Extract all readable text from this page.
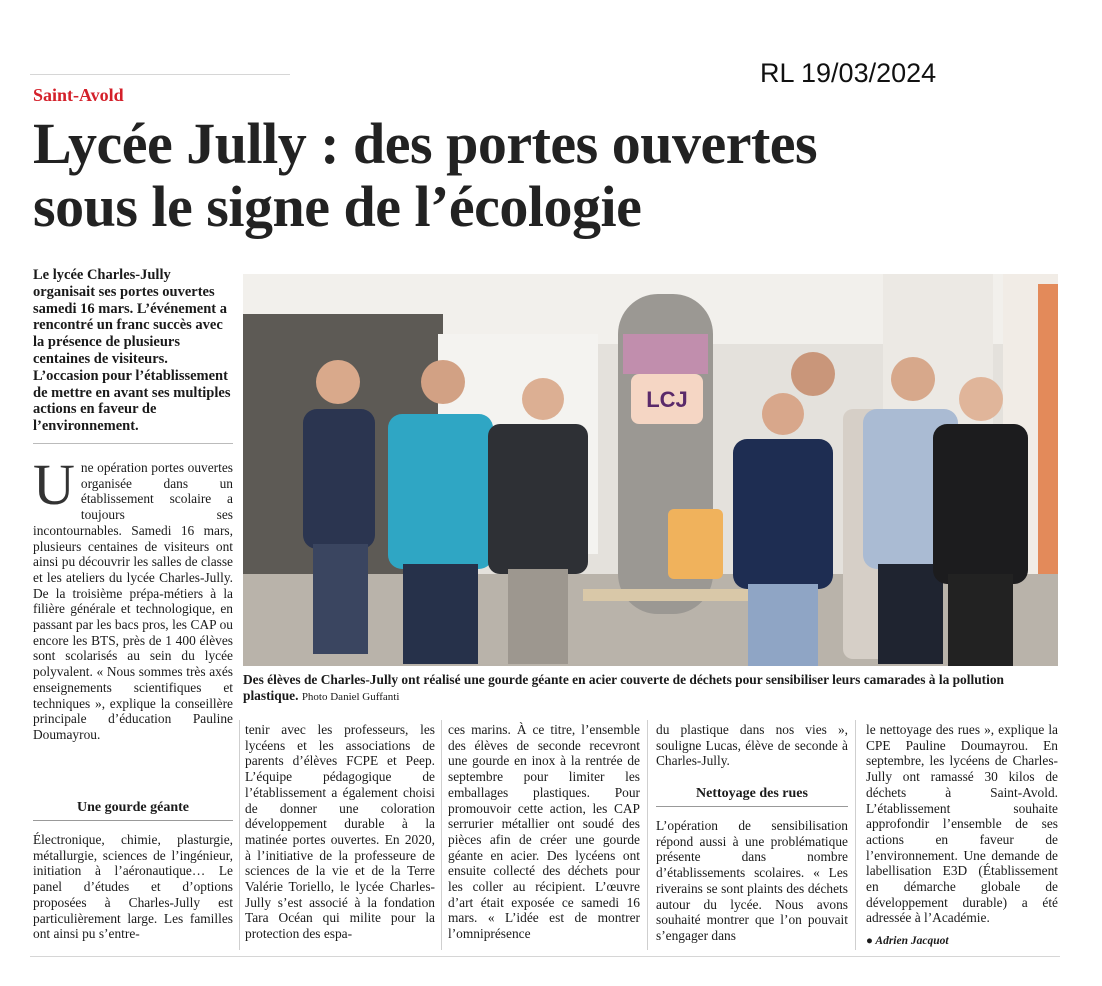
RL 19/03/2024
Saint-Avold
Lycée Jully : des portes ouvertes
sous le signe de l’écologie
Le lycée Charles-Jully organisait ses portes ouvertes samedi 16 mars. L’événement a rencontré un franc succès avec la présence de plusieurs centaines de visiteurs. L’occasion pour l’établissement de mettre en avant ses multiples actions en faveur de l’environnement.
LCJ
Des élèves de Charles-Jully ont réalisé une gourde géante en acier couverte de déchets pour sensibiliser leurs camarades à la pollution plastique. Photo Daniel Guffanti
U ne opération portes ouvertes organisée dans un établissement scolaire a toujours ses incontournables. Samedi 16 mars, plusieurs centaines de visiteurs ont ainsi pu découvrir les salles de classe et les ateliers du lycée Charles-Jully. De la troisième prépa-métiers à la filière générale et technologique, en passant par les bacs pros, les CAP ou encore les BTS, près de 1 400 élèves sont scolarisés au sein du lycée polyvalent. « Nous sommes très axés enseignements scientifiques et techniques », explique la conseillère principale d’éducation Pauline Doumayrou.
Une gourde géante
Électronique, chimie, plasturgie, métallurgie, sciences de l’ingénieur, initiation à l’aéronautique… Le panel d’études et d’options proposées à Charles-Jully est particulièrement large. Les familles ont ainsi pu s’entre-
tenir avec les professeurs, les lycéens et les associations de parents d’élèves FCPE et Peep. L’équipe pédagogique de l’établissement a également choisi de donner une coloration développement durable à la matinée portes ouvertes. En 2020, à l’initiative de la professeure de sciences de la vie et de la Terre Valérie Toriello, le lycée Charles-Jully s’est associé à la fondation Tara Océan qui milite pour la protection des espa-
ces marins. À ce titre, l’ensemble des élèves de seconde recevront une gourde en inox à la rentrée de septembre pour limiter les emballages plastiques. Pour promouvoir cette action, les CAP serrurier métallier ont soudé des pièces afin de créer une gourde géante en acier. Des lycéens ont ensuite collecté des déchets pour les coller au récipient. L’œuvre d’art était exposée ce samedi 16 mars. « L’idée est de montrer l’omniprésence
du plastique dans nos vies », souligne Lucas, élève de seconde à Charles-Jully.
Nettoyage des rues
L’opération de sensibilisation répond aussi à une problématique présente dans nombre d’établissements scolaires. « Les riverains se sont plaints des déchets autour du lycée. Nous avons souhaité montrer que l’on pouvait s’engager dans
le nettoyage des rues », explique la CPE Pauline Doumayrou. En septembre, les lycéens de Charles-Jully ont ramassé 30 kilos de déchets à Saint-Avold. L’établissement souhaite approfondir l’ensemble de ses actions en faveur de l’environnement. Une demande de labellisation E3D (Établissement en démarche globale de développement durable) a été adressée à l’Académie.
● Adrien Jacquot
